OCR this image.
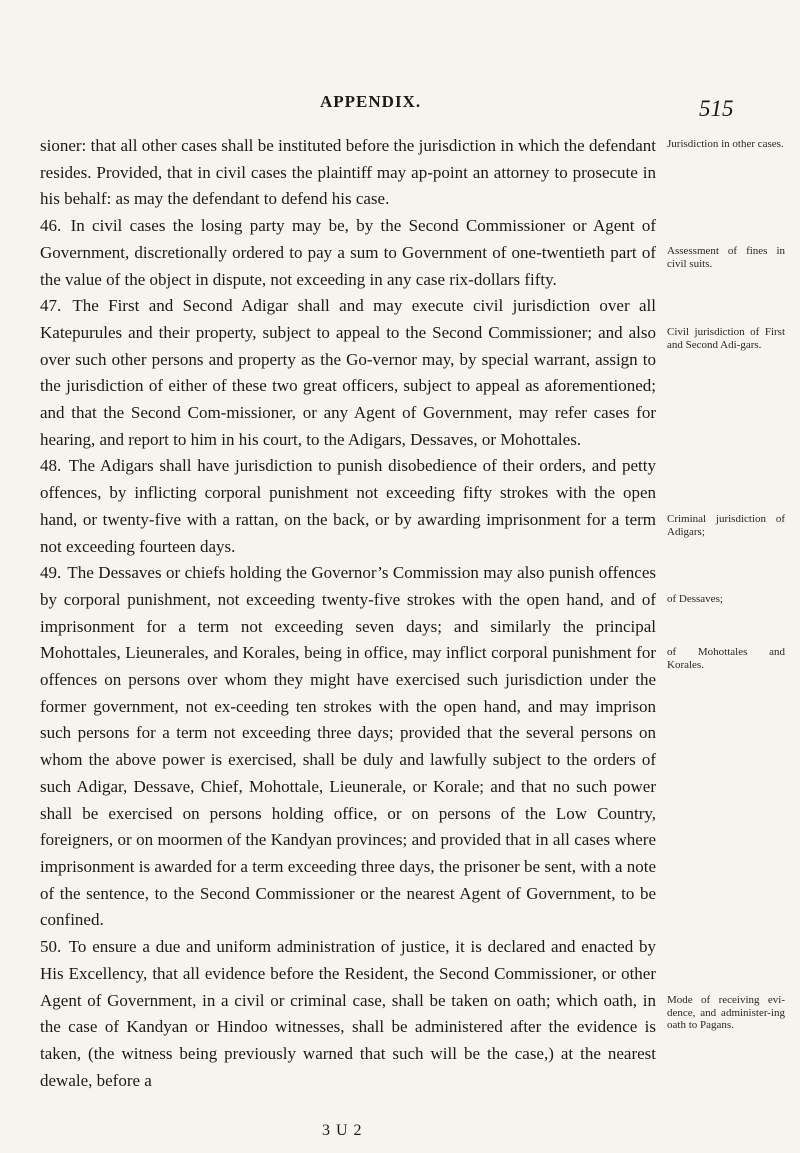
APPENDIX.	515

sioner: that all other cases shall be instituted before the jurisdiction in which the defendant resides. Provided, that in civil cases the plaintiff may ap-point an attorney to prosecute in his behalf: as may the defendant to defend his case.

46. In civil cases the losing party may be, by the Second Commissioner or Agent of Government, discretionally ordered to pay a sum to Government of one-twentieth part of the value of the object in dispute, not exceeding in any case rix-dollars fifty.

47. The First and Second Adigar shall and may execute civil jurisdiction over all Katepurules and their property, subject to appeal to the Second Commissioner; and also over such other persons and property as the Go-vernor may, by special warrant, assign to the jurisdiction of either of these two great officers, subject to appeal as aforementioned; and that the Second Com-missioner, or any Agent of Government, may refer cases for hearing, and report to him in his court, to the Adigars, Dessaves, or Mohottales.

48. The Adigars shall have jurisdiction to punish disobedience of their orders, and petty offences, by inflicting corporal punishment not exceeding fifty strokes with the open hand, or twenty-five with a rattan, on the back, or by awarding imprisonment for a term not exceeding fourteen days.

49. The Dessaves or chiefs holding the Governor’s Commission may also punish offences by corporal punishment, not exceeding twenty-five strokes with the open hand, and of imprisonment for a term not exceeding seven days; and similarly the principal Mohottales, Lieunerales, and Korales, being in office, may inflict corporal punishment for offences on persons over whom they might have exercised such jurisdiction under the former government, not ex-ceeding ten strokes with the open hand, and may imprison such persons for a term not exceeding three days; provided that the several persons on whom the above power is exercised, shall be duly and lawfully subject to the orders of such Adigar, Dessave, Chief, Mohottale, Lieunerale, or Korale; and that no such power shall be exercised on persons holding office, or on persons of the Low Country, foreigners, or on moormen of the Kandyan provinces; and provided that in all cases where imprisonment is awarded for a term exceeding three days, the prisoner be sent, with a note of the sentence, to the Second Commissioner or the nearest Agent of Government, to be confined.

50. To ensure a due and uniform administration of justice, it is declared and enacted by His Excellency, that all evidence before the Resident, the Second Commissioner, or other Agent of Government, in a civil or criminal case, shall be taken on oath; which oath, in the case of Kandyan or Hindoo witnesses, shall be administered after the evidence is taken, (the witness being previously warned that such will be the case,) at the nearest dewale, before a

Jurisdiction in other cases.
Assessment of fines in civil suits.
Civil jurisdiction of First and Second Adi-gars.
Criminal jurisdiction of Adigars;
of Dessaves;
of Mohottales and Korales.
Mode of receiving evi-dence, and administer-ing oath to Pagans.
3 U 2
